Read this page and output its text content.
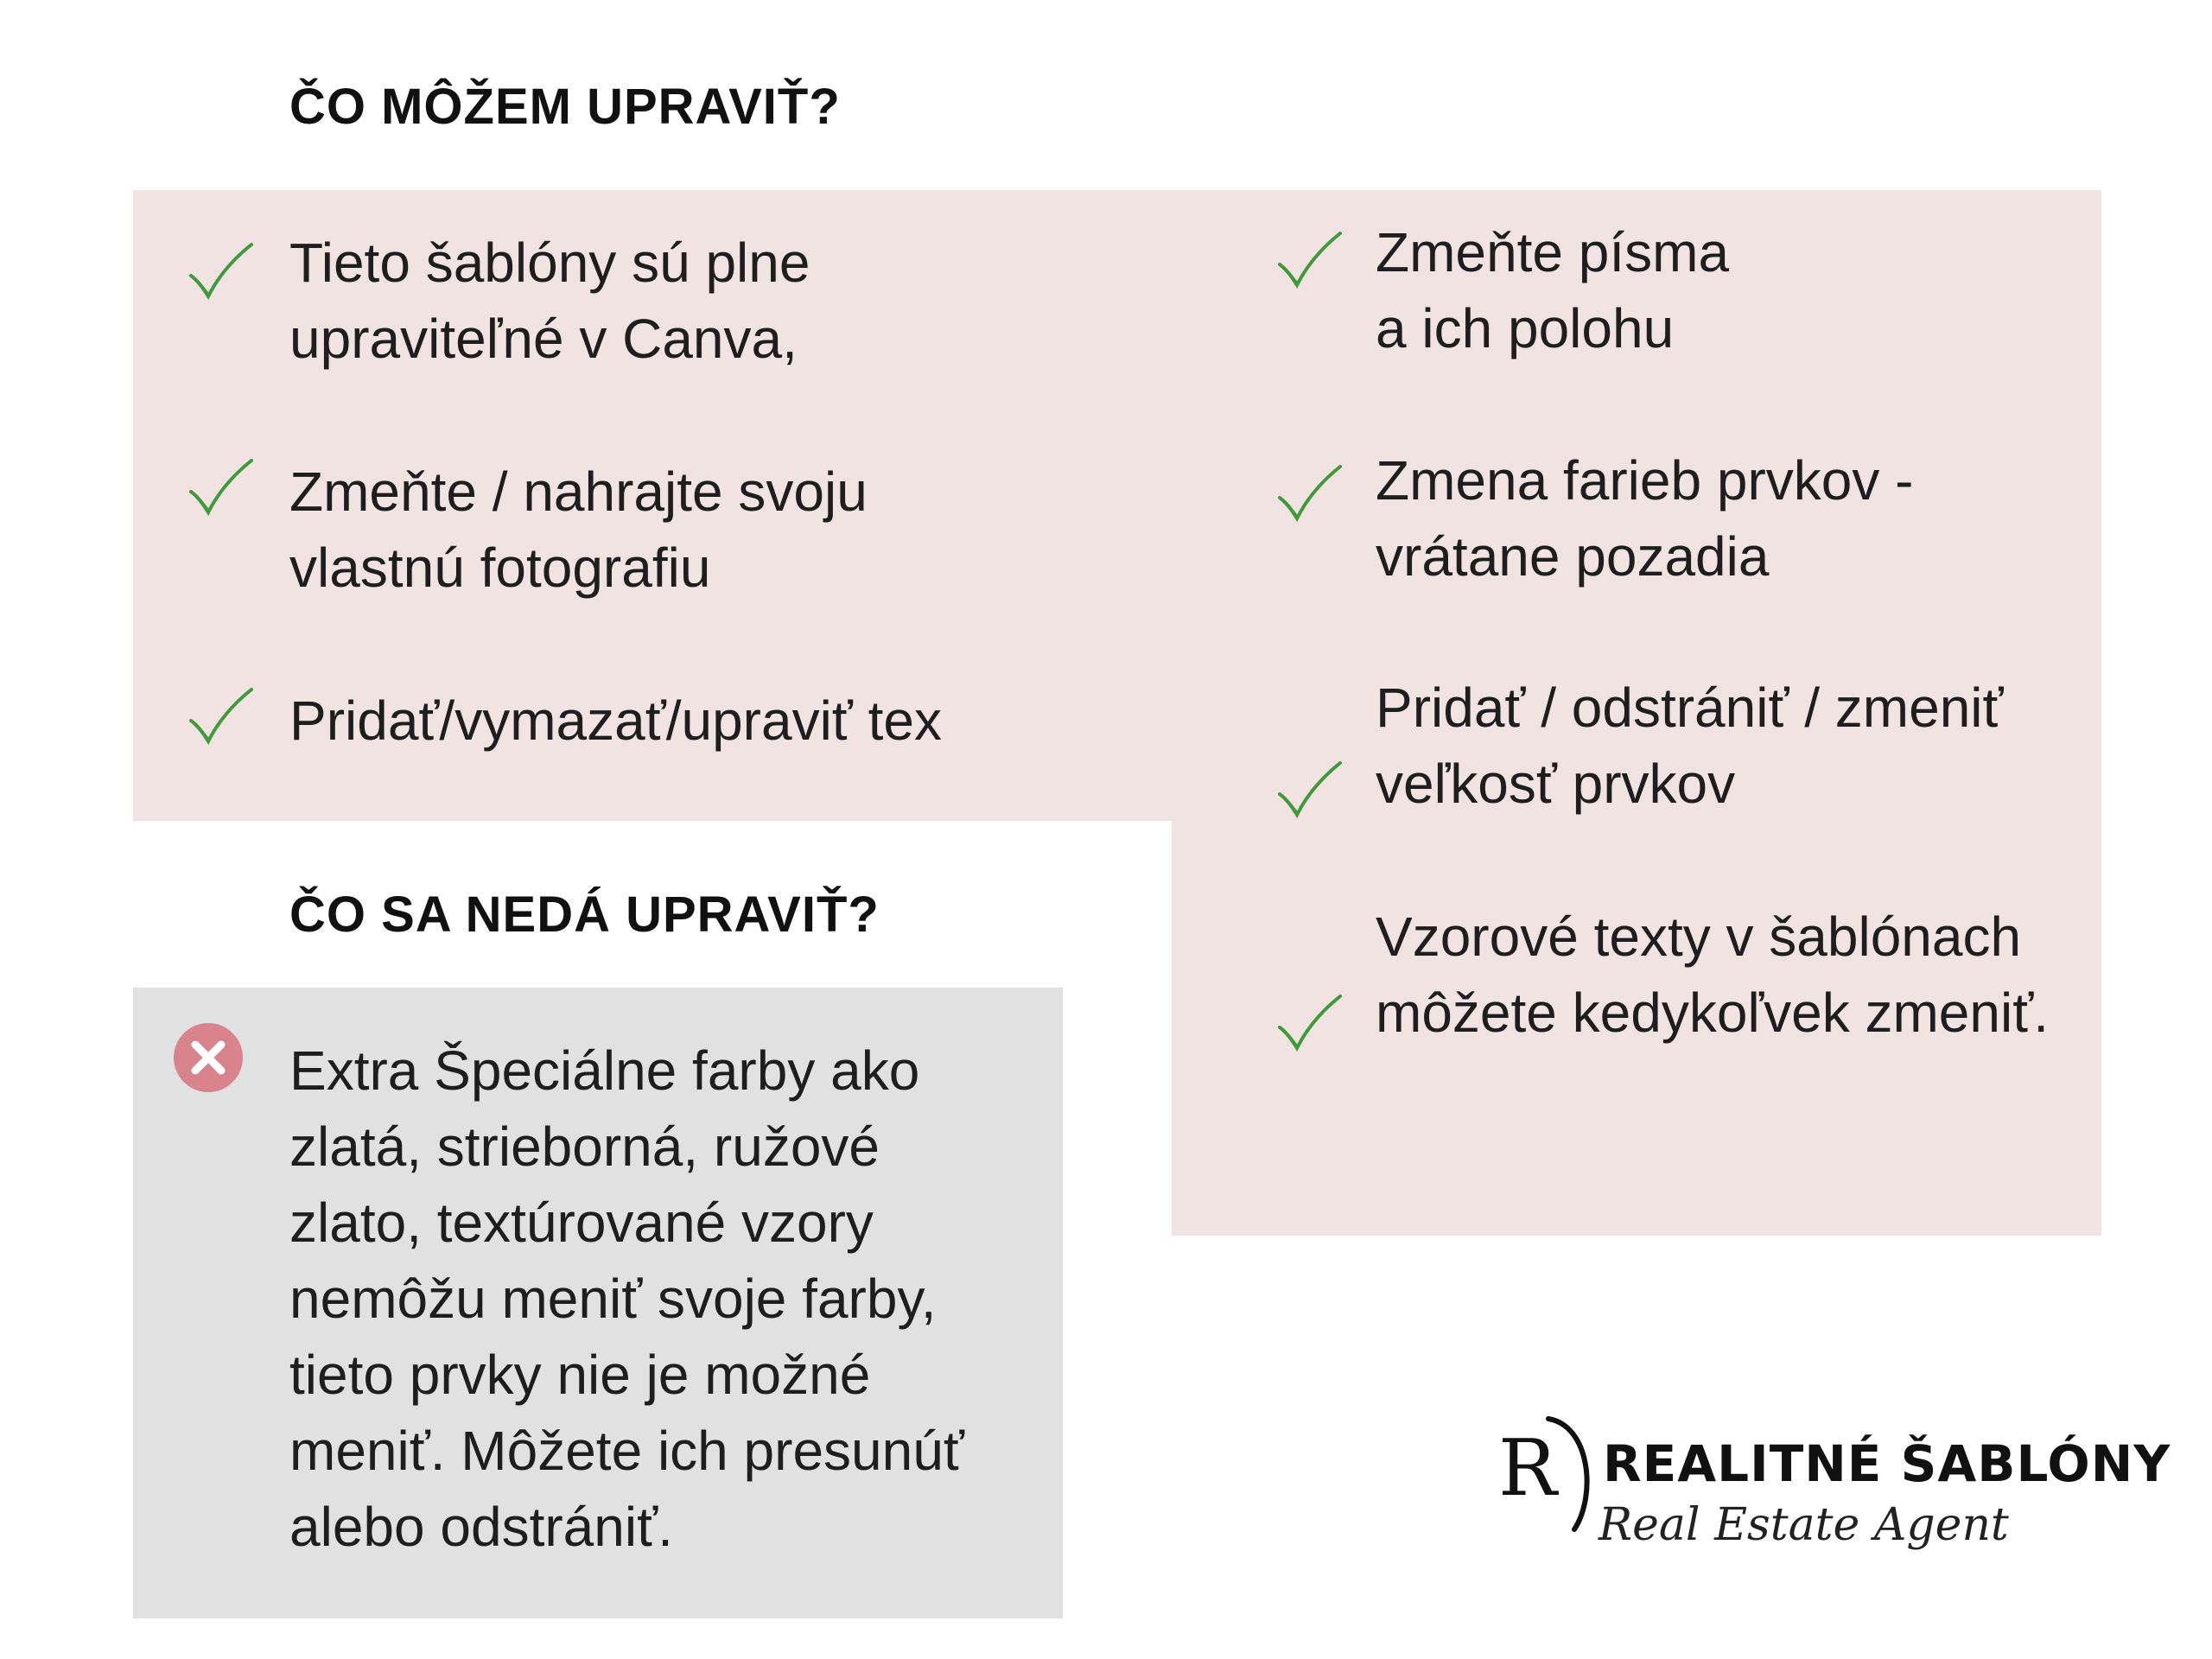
ČO MÔŽEM UPRAVIŤ?
Tieto šablóny sú plne
upraviteľné v Canva,
Zmeňte / nahrajte svoju
vlastnú fotografiu
Pridať/vymazať/upraviť tex
Zmeňte písma
a ich polohu
Zmena farieb prvkov -
vrátane pozadia
Pridať / odstrániť / zmeniť
veľkosť prvkov
Vzorové texty v šablónach
môžete kedykoľvek zmeniť.
ČO SA NEDÁ UPRAVIŤ?
Extra Špeciálne farby ako
zlatá, strieborná, ružové
zlato, textúrované vzory
nemôžu meniť svoje farby,
tieto prvky nie je možné
meniť. Môžete ich presunúť
alebo odstrániť.
R REALITNÉ ŠABLÓNY
Real Estate Agent
